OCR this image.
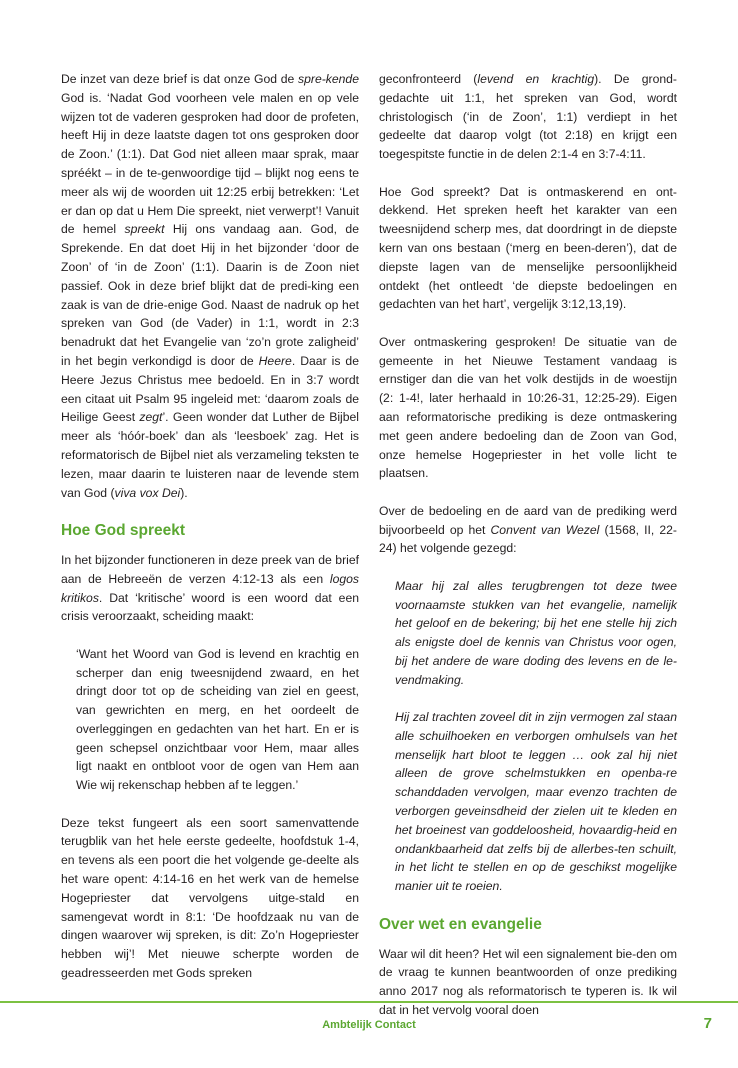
De inzet van deze brief is dat onze God de spre-kende God is. ‘Nadat God voorheen vele malen en op vele wijzen tot de vaderen gesproken had door de profeten, heeft Hij in deze laatste dagen tot ons gesproken door de Zoon.’ (1:1). Dat God niet alleen maar sprak, maar spréékt – in de te-genwoordige tijd – blijkt nog eens te meer als wij de woorden uit 12:25 erbij betrekken: ‘Let er dan op dat u Hem Die spreekt, niet verwerpt’! Vanuit de hemel spreekt Hij ons vandaag aan. God, de Sprekende. En dat doet Hij in het bijzonder ‘door de Zoon’ of ‘in de Zoon’ (1:1). Daarin is de Zoon niet passief. Ook in deze brief blijkt dat de predi-king een zaak is van de drie-enige God. Naast de nadruk op het spreken van God (de Vader) in 1:1, wordt in 2:3 benadrukt dat het Evangelie van ‘zo’n grote zaligheid’ in het begin verkondigd is door de Heere. Daar is de Heere Jezus Christus mee bedoeld. En in 3:7 wordt een citaat uit Psalm 95 ingeleid met: ‘daarom zoals de Heilige Geest zegt’. Geen wonder dat Luther de Bijbel meer als ‘hóór-boek’ dan als ‘leesboek’ zag. Het is reformatorisch de Bijbel niet als verzameling teksten te lezen, maar daarin te luisteren naar de levende stem van God (viva vox Dei).

Hoe God spreekt

In het bijzonder functioneren in deze preek van de brief aan de Hebreeën de verzen 4:12-13 als een logos kritikos. Dat ‘kritische’ woord is een woord dat een crisis veroorzaakt, scheiding maakt:

‘Want het Woord van God is levend en krachtig en scherper dan enig tweesnijdend zwaard, en het dringt door tot op de scheiding van ziel en geest, van gewrichten en merg, en het oordeelt de overleggingen en gedachten van het hart. En er is geen schepsel onzichtbaar voor Hem, maar alles ligt naakt en ontbloot voor de ogen van Hem aan Wie wij rekenschap hebben af te leggen.’

Deze tekst fungeert als een soort samenvattende terugblik van het hele eerste gedeelte, hoofdstuk 1-4, en tevens als een poort die het volgende ge-deelte als het ware opent: 4:14-16 en het werk van de hemelse Hogepriester dat vervolgens uitge-stald en samengevat wordt in 8:1: ‘De hoofdzaak nu van de dingen waarover wij spreken, is dit: Zo’n Hogepriester hebben wij’! Met nieuwe scherpte worden de geadresseerden met Gods spreken

geconfronteerd (levend en krachtig). De grond-gedachte uit 1:1, het spreken van God, wordt christologisch (‘in de Zoon’, 1:1) verdiept in het gedeelte dat daarop volgt (tot 2:18) en krijgt een toegespitste functie in de delen 2:1-4 en 3:7-4:11.

Hoe God spreekt? Dat is ontmaskerend en ont-dekkend. Het spreken heeft het karakter van een tweesnijdend scherp mes, dat doordringt in de diepste kern van ons bestaan (‘merg en been-deren’), dat de diepste lagen van de menselijke persoonlijkheid ontdekt (het ontleedt ‘de diepste bedoelingen en gedachten van het hart’, vergelijk 3:12,13,19).

Over ontmaskering gesproken! De situatie van de gemeente in het Nieuwe Testament vandaag is ernstiger dan die van het volk destijds in de woestijn (2: 1-4!, later herhaald in 10:26-31, 12:25-29). Eigen aan reformatorische prediking is deze ontmaskering met geen andere bedoeling dan de Zoon van God, onze hemelse Hogepriester in het volle licht te plaatsen.

Over de bedoeling en de aard van de prediking werd bijvoorbeeld op het Convent van Wezel (1568, II, 22-24) het volgende gezegd:

Maar hij zal alles terugbrengen tot deze twee voornaamste stukken van het evangelie, namelijk het geloof en de bekering; bij het ene stelle hij zich als enigste doel de kennis van Christus voor ogen, bij het andere de ware doding des levens en de le-vendmaking.

Hij zal trachten zoveel dit in zijn vermogen zal staan alle schuilhoeken en verborgen omhulsels van het menselijk hart bloot te leggen … ook zal hij niet alleen de grove schelmstukken en openba-re schanddaden vervolgen, maar evenzo trachten de verborgen geveinsdheid der zielen uit te kleden en het broeinest van goddeloosheid, hovaardig-heid en ondankbaarheid dat zelfs bij de allerbes-ten schuilt, in het licht te stellen en op de geschikst mogelijke manier uit te roeien.

Over wet en evangelie

Waar wil dit heen? Het wil een signalement bie-den om de vraag te kunnen beantwoorden of onze prediking anno 2017 nog als reformatorisch te typeren is. Ik wil dat in het vervolg vooral doen

Ambtelijk Contact	7
